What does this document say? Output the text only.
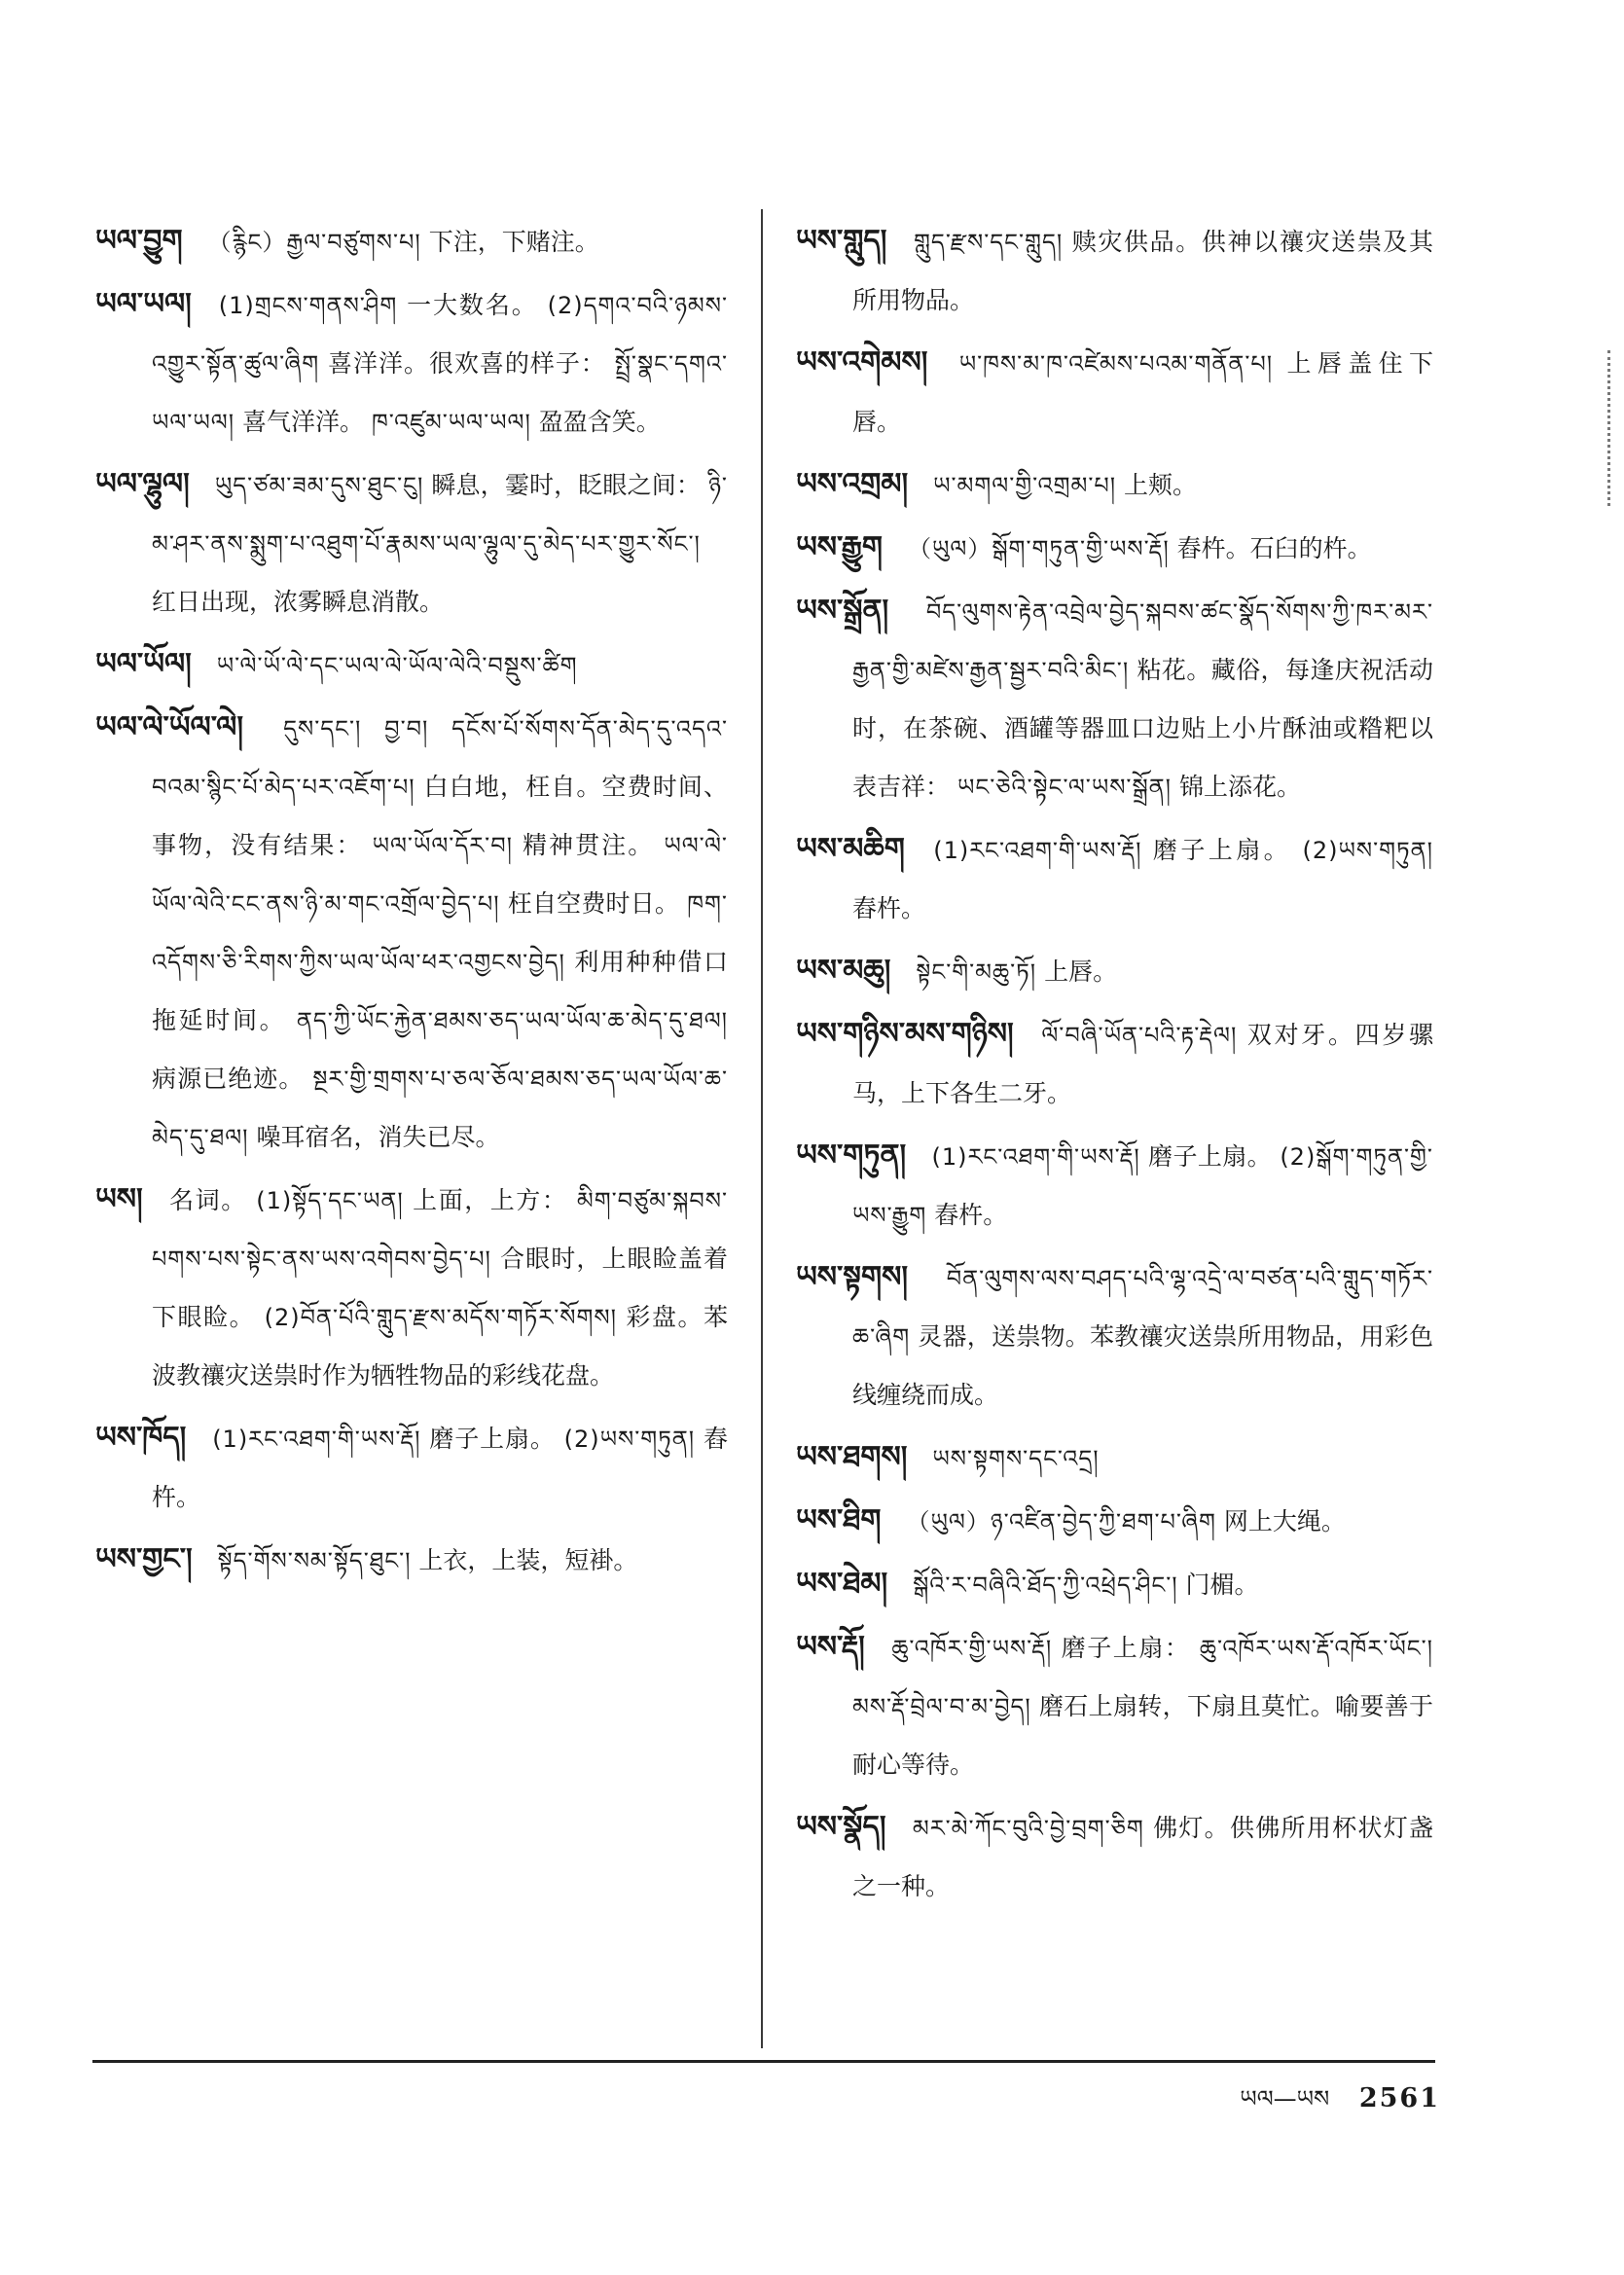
ཡལ་བྱུག （རྙིང）རྒྱལ་བཙུགས་པ། 下注，下赌注。

ཡལ་ཡལ། (1)གྲངས་གནས་ཤིག 一大数名。 (2)དགའ་བའི་ཉམས་འགྱུར་སྟོན་ཚུལ་ཞིག 喜洋洋。很欢喜的样子： སྤྲོ་སྣང་དགའ་ཡལ་ཡལ། 喜气洋洋。 ཁ་འཛུམ་ཡལ་ཡལ། 盈盈含笑。

ཡལ་ལྷུལ། ཡུད་ཙམ་ཟམ་དུས་ཐུང་ངུ། 瞬息，霎时，眨眼之间： ཉི་མ་ཤར་ནས་སྨུག་པ་འཐུག་པོ་རྣམས་ཡལ་ལྷུལ་དུ་མེད་པར་གྱུར་སོང་། 红日出现，浓雾瞬息消散。

ཡལ་ཡོལ། ཡ་ལེ་ཡོ་ལེ་དང་ཡལ་ལེ་ཡོལ་ལེའི་བསྡུས་ཚིག

ཡལ་ལེ་ཡོལ་ལེ། དུས་དང་། བྱ་བ། དངོས་པོ་སོགས་དོན་མེད་དུ་འདའ་བའམ་སྙིང་པོ་མེད་པར་འཇོག་པ། 白白地，枉自。空费时间、事物，没有结果： ཡལ་ཡོལ་དོར་བ། 精神贯注。 ཡལ་ལེ་ཡོལ་ལེའི་ངང་ནས་ཉི་མ་གང་འགྲོལ་བྱེད་པ། 枉自空费时日。 ཁག་འདོགས་ཅི་རིགས་ཀྱིས་ཡལ་ཡོལ་ཕར་འགྱངས་བྱེད། 利用种种借口拖延时间。 ནད་ཀྱི་ཡོང་རྐྱེན་ཐམས་ཅད་ཡལ་ཡོལ་ཆ་མེད་དུ་ཐལ། 病源已绝迹。 སྔར་གྱི་གྲགས་པ་ཅལ་ཅོལ་ཐམས་ཅད་ཡལ་ཡོལ་ཆ་མེད་དུ་ཐལ། 噪耳宿名，消失已尽。

ཡས། 名词。 (1)སྟོད་དང་ཡན། 上面，上方： མིག་བཙུམ་སྐབས་པགས་པས་སྟེང་ནས་ཡས་འགེབས་བྱེད་པ། 合眼时，上眼睑盖着下眼睑。 (2)བོན་པོའི་གླུད་རྫས་མདོས་གཏོར་སོགས། 彩盘。苯波教禳灾送祟时作为牺牲物品的彩线花盘。

ཡས་ཁོད། (1)རང་འཐག་གི་ཡས་རྡོ། 磨子上扇。 (2)ཡས་གཏུན། 舂杵。

ཡས་གྱང་། སྟོད་གོས་སམ་སྟོད་ཐུང་། 上衣，上装，短褂。

ཡས་གླུད། གླུད་རྫས་དང་གླུད། 赎灾供品。供神以禳灾送祟及其所用物品。

ཡས་འགེམས། ཡ་ཁས་མ་ཁ་འཛེམས་པའམ་གནོན་པ། 上唇盖住下唇。

ཡས་འགྲམ། ཡ་མགལ་གྱི་འགྲམ་པ། 上颊。

ཡས་རྒྱུག （ཡུལ）སྒོག་གཏུན་གྱི་ཡས་རྡོ། 舂杵。石臼的杵。

ཡས་སྒྲོན། བོད་ལུགས་རྟེན་འབྲེལ་བྱེད་སྐབས་ཚང་སྣོད་སོགས་ཀྱི་ཁར་མར་རྒྱན་གྱི་མཛེས་རྒྱན་སྦྱར་བའི་མིང་། 粘花。藏俗，每逢庆祝活动时，在茶碗、酒罐等器皿口边贴上小片酥油或糌粑以表吉祥： ཡང་ཅེའི་སྟེང་ལ་ཡས་སྒྲོན། 锦上添花。

ཡས་མཆིག (1)རང་འཐག་གི་ཡས་རྡོ། 磨子上扇。 (2)ཡས་གཏུན། 舂杵。

ཡས་མཆུ། སྟེང་གི་མཆུ་ཏོ། 上唇。

ཡས་གཉིས་མས་གཉིས། ལོ་བཞི་ཡོན་པའི་རྟ་རྡེལ། 双对牙。四岁骡马，上下各生二牙。

ཡས་གཏུན། (1)རང་འཐག་གི་ཡས་རྡོ། 磨子上扇。 (2)སྒོག་གཏུན་གྱི་ཡས་རྒྱུག 舂杵。

ཡས་སྟགས། བོན་ལུགས་ལས་བཤད་པའི་ལྷ་འདྲེ་ལ་བཙན་པའི་གླུད་གཏོར་ཆ་ཞིག 灵器，送祟物。苯教禳灾送祟所用物品，用彩色线缠绕而成。

ཡས་ཐགས། ཡས་སྟགས་དང་འདྲ།

ཡས་ཐིག （ཡུལ）ཉ་འཛིན་བྱེད་ཀྱི་ཐག་པ་ཞིག 网上大绳。

ཡས་ཐེམ། སྒོའི་ར་བཞིའི་ཐོད་ཀྱི་འཕྲེད་ཤིང་། 门楣。

ཡས་རྡོ། ཆུ་འཁོར་གྱི་ཡས་རྡོ། 磨子上扇： ཆུ་འཁོར་ཡས་རྡོ་འཁོར་ཡོང་། མས་རྡོ་བྲེལ་བ་མ་བྱེད། 磨石上扇转，下扇且莫忙。喻要善于耐心等待。

ཡས་སྣོད། མར་མེ་ཀོང་བུའི་བྱེ་བྲག་ཅིག 佛灯。供佛所用杯状灯盏之一种。

ཡལ—ཡས 2561
